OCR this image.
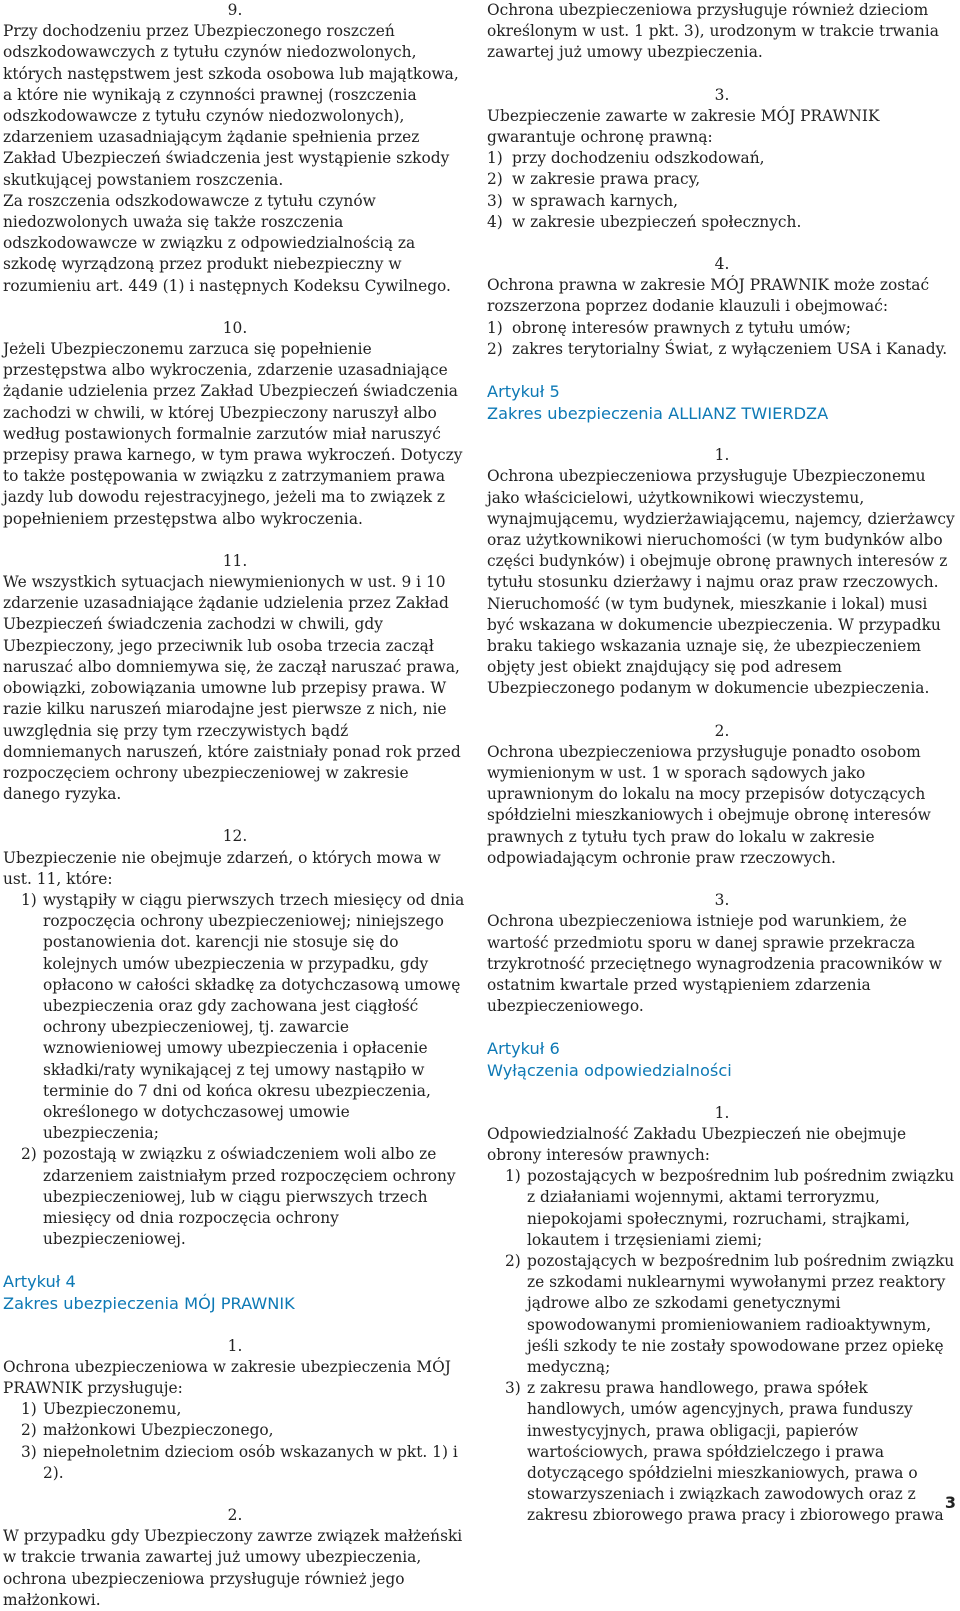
9.

Przy dochodzeniu przez Ubezpieczonego roszczeń odszkodowawczych z tytułu czynów niedozwolonych, których następstwem jest szkoda osobowa lub majątkowa, a które nie wynikają z czynności prawnej (roszczenia odszkodowawcze z tytułu czynów niedozwolonych), zdarzeniem uzasadniającym żądanie spełnienia przez Zakład Ubezpieczeń świadczenia jest wystąpienie szkody skutkującej powstaniem roszczenia.

Za roszczenia odszkodowawcze z tytułu czynów niedozwolonych uważa się także roszczenia odszkodowawcze w związku z odpowiedzialnością za szkodę wyrządzoną przez produkt niebezpieczny w rozumieniu art. 449 (1) i następnych Kodeksu Cywilnego.

10.

Jeżeli Ubezpieczonemu zarzuca się popełnienie przestępstwa albo wykroczenia, zdarzenie uzasadniające żądanie udzielenia przez Zakład Ubezpieczeń świadczenia zachodzi w chwili, w której Ubezpieczony naruszył albo według postawionych formalnie zarzutów miał naruszyć przepisy prawa karnego, w tym prawa wykroczeń. Dotyczy to także postępowania w związku z zatrzymaniem prawa jazdy lub dowodu rejestracyjnego, jeżeli ma to związek z popełnieniem przestępstwa albo wykroczenia.

11.

We wszystkich sytuacjach niewymienionych w ust. 9 i 10 zdarzenie uzasadniające żądanie udzielenia przez Zakład Ubezpieczeń świadczenia zachodzi w chwili, gdy Ubezpieczony, jego przeciwnik lub osoba trzecia zaczął naruszać albo domniemywa się, że zaczął naruszać prawa, obowiązki, zobowiązania umowne lub przepisy prawa. W razie kilku naruszeń miarodajne jest pierwsze z nich, nie uwzględnia się przy tym rzeczywistych bądź domniemanych naruszeń, które zaistniały ponad rok przed rozpoczęciem ochrony ubezpieczeniowej w zakresie danego ryzyka.

12.

Ubezpieczenie nie obejmuje zdarzeń, o których mowa w ust. 11, które:

1) wystąpiły w ciągu pierwszych trzech miesięcy od dnia rozpoczęcia ochrony ubezpieczeniowej; niniejszego postanowienia dot. karencji nie stosuje się do kolejnych umów ubezpieczenia w przypadku, gdy opłacono w całości składkę za dotychczasową umowę ubezpieczenia oraz gdy zachowana jest ciągłość ochrony ubezpieczeniowej, tj. zawarcie wznowieniowej umowy ubezpieczenia i opłacenie składki/raty wynikającej z tej umowy nastąpiło w terminie do 7 dni od końca okresu ubezpieczenia, określonego w dotychczasowej umowie ubezpieczenia;
2) pozostają w związku z oświadczeniem woli albo ze zdarzeniem zaistniałym przed rozpoczęciem ochrony ubezpieczeniowej, lub w ciągu pierwszych trzech miesięcy od dnia rozpoczęcia ochrony ubezpieczeniowej.

Artykuł 4

Zakres ubezpieczenia MÓJ PRAWNIK

1.

Ochrona ubezpieczeniowa w zakresie ubezpieczenia MÓJ PRAWNIK przysługuje:

1) Ubezpieczonemu,
2) małżonkowi Ubezpieczonego,
3) niepełnoletnim dzieciom osób wskazanych w pkt. 1) i 2).

2.

W przypadku gdy Ubezpieczony zawrze związek małżeński w trakcie trwania zawartej już umowy ubezpieczenia, ochrona ubezpieczeniowa przysługuje również jego małżonkowi.

Ochrona ubezpieczeniowa przysługuje również dzieciom określonym w ust. 1 pkt. 3), urodzonym w trakcie trwania zawartej już umowy ubezpieczenia.

3.

Ubezpieczenie zawarte w zakresie MÓJ PRAWNIK gwarantuje ochronę prawną:

1) przy dochodzeniu odszkodowań,
2) w zakresie prawa pracy,
3) w sprawach karnych,
4) w zakresie ubezpieczeń społecznych.

4.

Ochrona prawna w zakresie MÓJ PRAWNIK może zostać rozszerzona poprzez dodanie klauzuli i obejmować:

1) obronę interesów prawnych z tytułu umów;
2) zakres terytorialny Świat, z wyłączeniem USA i Kanady.

Artykuł 5

Zakres ubezpieczenia ALLIANZ TWIERDZA

1.

Ochrona ubezpieczeniowa przysługuje Ubezpieczonemu jako właścicielowi, użytkownikowi wieczystemu, wynajmującemu, wydzierżawiającemu, najemcy, dzierżawcy oraz użytkownikowi nieruchomości (w tym budynków albo części budynków) i obejmuje obronę prawnych interesów z tytułu stosunku dzierżawy i najmu oraz praw rzeczowych. Nieruchomość (w tym budynek, mieszkanie i lokal) musi być wskazana w dokumencie ubezpieczenia. W przypadku braku takiego wskazania uznaje się, że ubezpieczeniem objęty jest obiekt znajdujący się pod adresem Ubezpieczonego podanym w dokumencie ubezpieczenia.

2.

Ochrona ubezpieczeniowa przysługuje ponadto osobom wymienionym w ust. 1 w sporach sądowych jako uprawnionym do lokalu na mocy przepisów dotyczących spółdzielni mieszkaniowych i obejmuje obronę interesów prawnych z tytułu tych praw do lokalu w zakresie odpowiadającym ochronie praw rzeczowych.

3.

Ochrona ubezpieczeniowa istnieje pod warunkiem, że wartość przedmiotu sporu w danej sprawie przekracza trzykrotność przeciętnego wynagrodzenia pracowników w ostatnim kwartale przed wystąpieniem zdarzenia ubezpieczeniowego.

Artykuł 6

Wyłączenia odpowiedzialności

1.

Odpowiedzialność Zakładu Ubezpieczeń nie obejmuje obrony interesów prawnych:

1) pozostających w bezpośrednim lub pośrednim związku z działaniami wojennymi, aktami terroryzmu, niepokojami społecznymi, rozruchami, strajkami, lokautem i trzęsieniami ziemi;
2) pozostających w bezpośrednim lub pośrednim związku ze szkodami nuklearnymi wywołanymi przez reaktory jądrowe albo ze szkodami genetycznymi spowodowanymi promieniowaniem radioaktywnym, jeśli szkody te nie zostały spowodowane przez opiekę medyczną;
3) z zakresu prawa handlowego, prawa spółek handlowych, umów agencyjnych, prawa funduszy inwestycyjnych, prawa obligacji, papierów wartościowych, prawa spółdzielczego i prawa dotyczącego spółdzielni mieszkaniowych, prawa o stowarzyszeniach i związkach zawodowych oraz z zakresu zbiorowego prawa pracy i zbiorowego prawa
3
